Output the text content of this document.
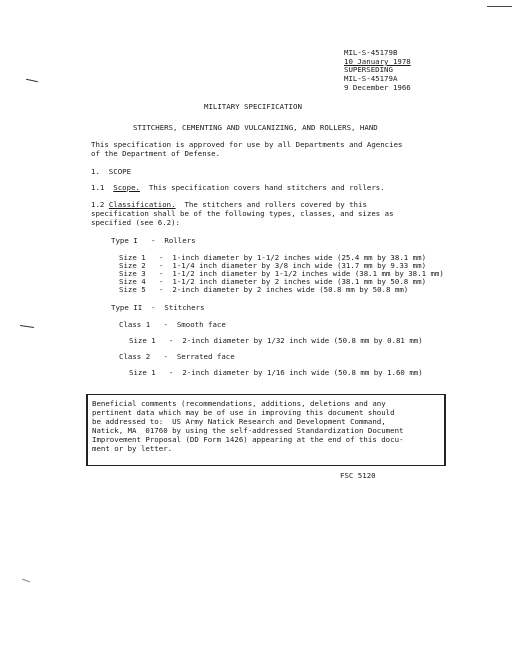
MIL-S-45179B
10 January 1978
SUPERSEDING
MIL-S-45179A
9 December 1966
MILITARY SPECIFICATION
STITCHERS, CEMENTING AND VULCANIZING, AND ROLLERS, HAND
This specification is approved for use by all Departments and Agencies
of the Department of Defense.
1.  SCOPE
1.1 Scope. This specification covers hand stitchers and rollers.
1.2 Classification. The stitchers and rollers covered by this
specification shall be of the following types, classes, and sizes as
specified (see 6.2):
Type I   -  Rollers
Size 1   -  1-inch diameter by 1-1/2 inches wide (25.4 mm by 38.1 mm)
Size 2   -  1-1/4 inch diameter by 3/8 inch wide (31.7 mm by 9.33 mm)
Size 3   -  1-1/2 inch diameter by 1-1/2 inches wide (38.1 mm by 38.1 mm)
Size 4   -  1-1/2 inch diameter by 2 inches wide (38.1 mm by 50.8 mm)
Size 5   -  2-inch diameter by 2 inches wide (50.8 mm by 50.8 mm)
Type II  -  Stitchers
Class 1   -  Smooth face
Size 1   -  2-inch diameter by 1/32 inch wide (50.8 mm by 0.81 mm)
Class 2   -  Serrated face
Size 1   -  2-inch diameter by 1/16 inch wide (50.8 mm by 1.60 mm)
Beneficial comments (recommendations, additions, deletions and any
pertinent data which may be of use in improving this document should
be addressed to:  US Army Natick Research and Development Command,
Natick, MA  01760 by using the self-addressed Standardization Document
Improvement Proposal (DD Form 1426) appearing at the end of this docu-
ment or by letter.
FSC 5120
